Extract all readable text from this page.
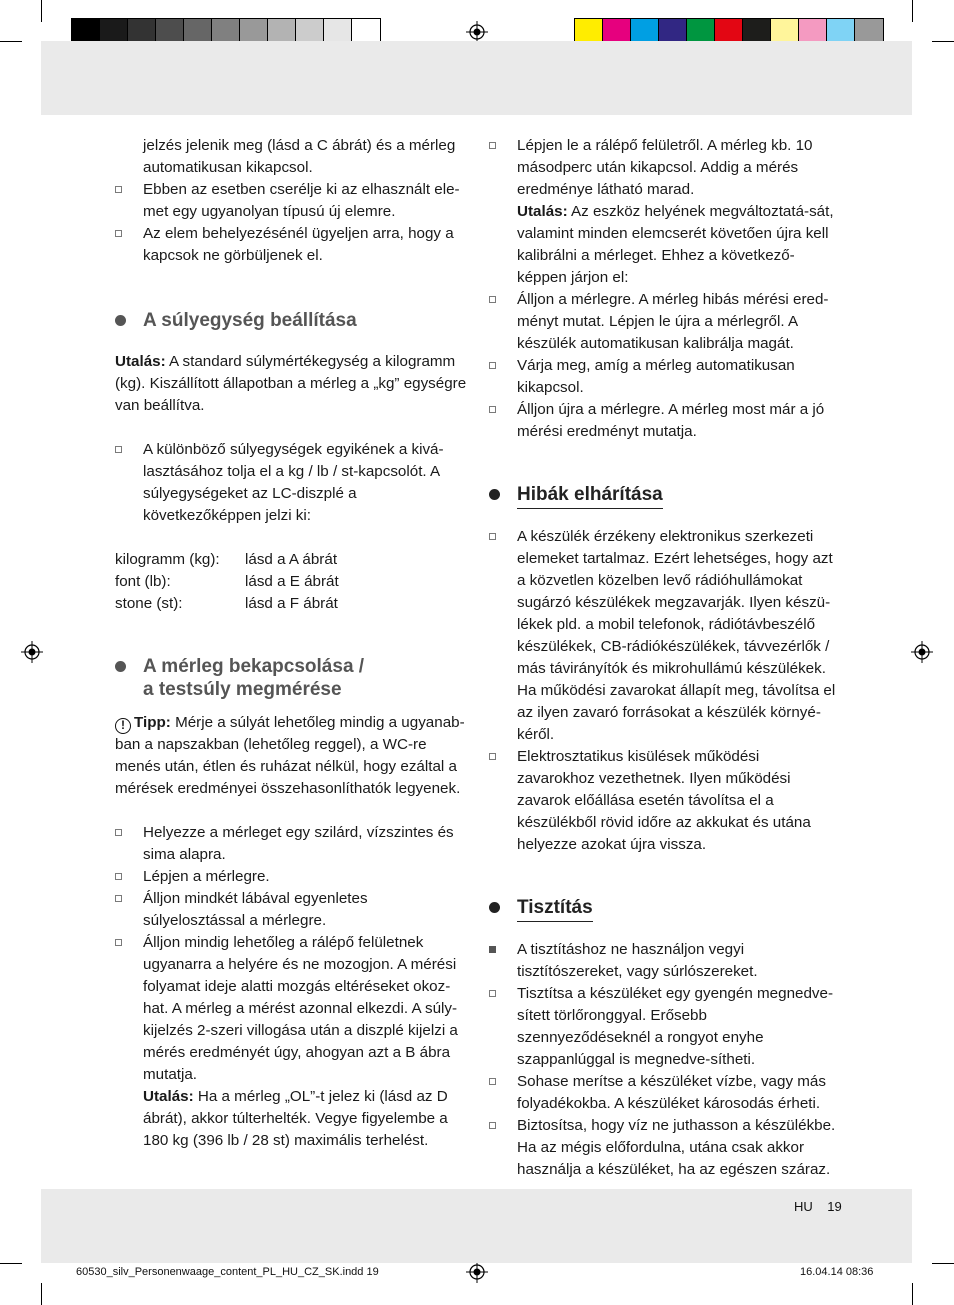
jelzés jelenik meg (lásd a C ábrát) és a mérleg automatikusan kikapcsol.

Ebben az esetben cserélje ki az elhasznált ele-met egy ugyanolyan típusú új elemre.

Az elem behelyezésénél ügyeljen arra, hogy a kapcsok ne görbüljenek el.

A súlyegység beállítása

Utalás: A standard súlymértékegység a kilogramm (kg). Kiszállított állapotban a mérleg a „kg” egységre van beállítva.

A különböző súlyegységek egyikének a kivá-lasztásához tolja el a kg / lb / st-kapcsolót. A súlyegységeket az LC-diszplé a következőképpen jelzi ki:

kilogramm (kg):	lásd a A ábrát
font (lb):	lásd a E ábrát
stone (st):	lásd a F ábrát
A mérleg bekapcsolása /
a testsúly megmérése

! Tipp: Mérje a súlyát lehetőleg mindig a ugyanab-ban a napszakban (lehetőleg reggel), a WC-re menés után, étlen és ruházat nélkül, hogy ezáltal a mérések eredményei összehasonlíthatók legyenek.

Helyezze a mérleget egy szilárd, vízszintes és sima alapra.

Lépjen a mérlegre.

Álljon mindkét lábával egyenletes súlyelosztással a mérlegre.

Álljon mindig lehetőleg a rálépő felületnek ugyanarra a helyére és ne mozogjon. A mérési folyamat ideje alatti mozgás eltéréseket okoz-hat. A mérleg a mérést azonnal elkezdi. A súly-kijelzés 2-szeri villogása után a diszplé kijelzi a mérés eredményét úgy, ahogyan azt a B ábra mutatja.

Utalás: Ha a mérleg „OL”-t jelez ki (lásd az D ábrát), akkor túlterhelték. Vegye figyelembe a 180 kg (396 lb / 28 st) maximális terhelést.

Lépjen le a rálépő felületről. A mérleg kb. 10 másodperc után kikapcsol. Addig a mérés eredménye látható marad.

Utalás: Az eszköz helyének megváltoztatá-sát, valamint minden elemcserét követően újra kell kalibrálni a mérleget. Ehhez a következő-képpen járjon el:

Álljon a mérlegre. A mérleg hibás mérési ered-ményt mutat. Lépjen le újra a mérlegről. A készülék automatikusan kalibrálja magát.

Várja meg, amíg a mérleg automatikusan kikapcsol.

Álljon újra a mérlegre. A mérleg most már a jó mérési eredményt mutatja.

Hibák elhárítása

A készülék érzékeny elektronikus szerkezeti elemeket tartalmaz. Ezért lehetséges, hogy azt a közvetlen közelben levő rádióhullámokat sugárzó készülékek megzavarják. Ilyen készü-lékek pld. a mobil telefonok, rádiótávbeszélő készülékek, CB-rádiókészülékek, távvezérlők / más távirányítók és mikrohullámú készülékek. Ha működési zavarokat állapít meg, távolítsa el az ilyen zavaró forrásokat a készülék környé-kéről.

Elektrosztatikus kisülések működési zavarokhoz vezethetnek. Ilyen működési zavarok előállása esetén távolítsa el a készülékből rövid időre az akkukat és utána helyezze azokat újra vissza.

Tisztítás

A tisztításhoz ne használjon vegyi tisztítószereket, vagy súrlószereket.

Tisztítsa a készüléket egy gyengén megnedve-sített törlőronggyal. Erősebb szennyeződéseknél a rongyot enyhe szappanlúggal is megnedve-sítheti.

Sohase merítse a készüléket vízbe, vagy más folyadékokba. A készüléket károsodás érheti.

Biztosítsa, hogy víz ne juthasson a készülékbe. Ha az mégis előfordulna, utána csak akkor használja a készüléket, ha az egészen száraz.

HU 19
60530_silv_Personenwaage_content_PL_HU_CZ_SK.indd 19	16.04.14 08:36
